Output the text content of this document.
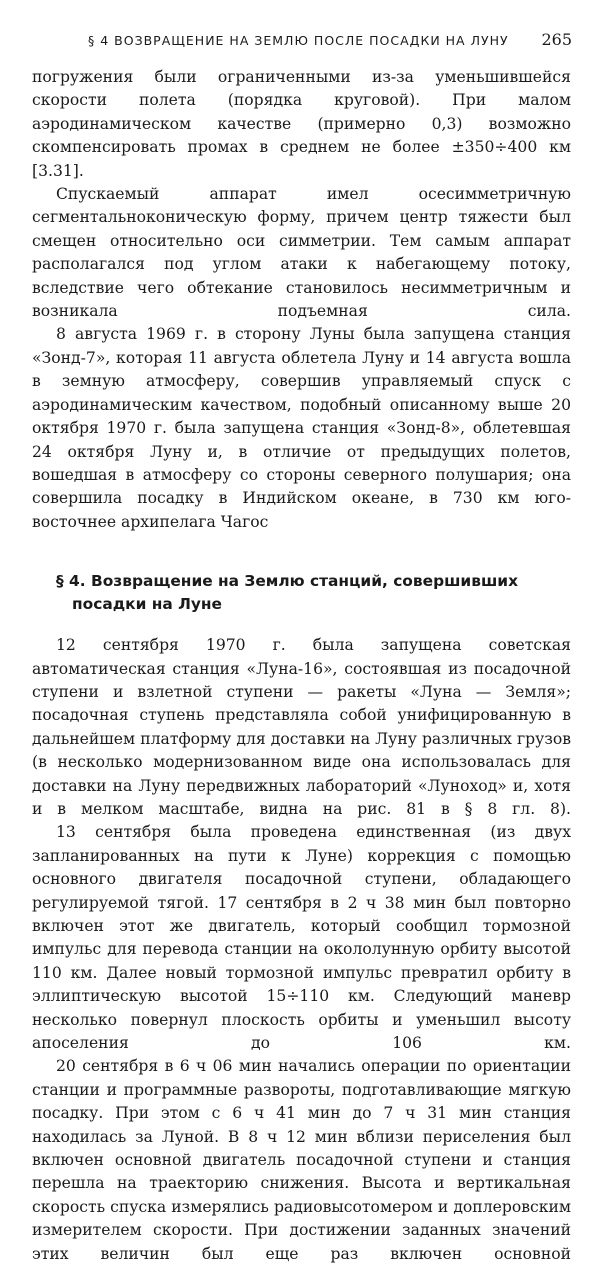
§ 4 ВОЗВРАЩЕНИЕ НА ЗЕМЛЮ ПОСЛЕ ПОСАДКИ НА ЛУНУ 265

погружения были ограниченными из-за уменьшившейся скорости полета (порядка круговой). При малом аэродинамическом качестве (примерно 0,3) возможно скомпенсировать промах в среднем не более ±350÷400 км [3.31].

Спускаемый аппарат имел осесимметричную сегментальноконическую форму, причем центр тяжести был смещен относительно оси симметрии. Тем самым аппарат располагался под углом атаки к набегающему потоку, вследствие чего обтекание становилось несимметричным и возникала подъемная сила.

8 августа 1969 г. в сторону Луны была запущена станция «Зонд-7», которая 11 августа облетела Луну и 14 августа вошла в земную атмосферу, совершив управляемый спуск с аэродинамическим качеством, подобный описанному выше 20 октября 1970 г. была запущена станция «Зонд-8», облетевшая 24 октября Луну и, в отличие от предыдущих полетов, вошедшая в атмосферу со стороны северного полушария; она совершила посадку в Индийском океане, в 730 км юго-восточнее архипелага Чагос

§ 4. Возвращение на Землю станций, совершивших
посадки на Луне

12 сентября 1970 г. была запущена советская автоматическая станция «Луна-16», состоявшая из посадочной ступени и взлетной ступени — ракеты «Луна — Земля»; посадочная ступень представляла собой унифицированную в дальнейшем платформу для доставки на Луну различных грузов (в несколько модернизованном виде она использовалась для доставки на Луну передвижных лабораторий «Луноход» и, хотя и в мелком масштабе, видна на рис. 81 в § 8 гл. 8).

13 сентября была проведена единственная (из двух запланированных на пути к Луне) коррекция с помощью основного двигателя посадочной ступени, обладающего регулируемой тягой. 17 сентября в 2 ч 38 мин был повторно включен этот же двигатель, который сообщил тормозной импульс для перевода станции на окололунную орбиту высотой 110 км. Далее новый тормозной импульс превратил орбиту в эллиптическую высотой 15÷110 км. Следующий маневр несколько повернул плоскость орбиты и уменьшил высоту апоселения до 106 км.

20 сентября в 6 ч 06 мин начались операции по ориентации станции и программные развороты, подготавливающие мягкую посадку. При этом с 6 ч 41 мин до 7 ч 31 мин станция находилась за Луной. В 8 ч 12 мин вблизи периселения был включен основной двигатель посадочной ступени и станция перешла на траекторию снижения. Высота и вертикальная скорость спуска измерялись радиовысотомером и доплеровским измерителем скорости. При достижении заданных значений этих величин был еще раз включен основной
